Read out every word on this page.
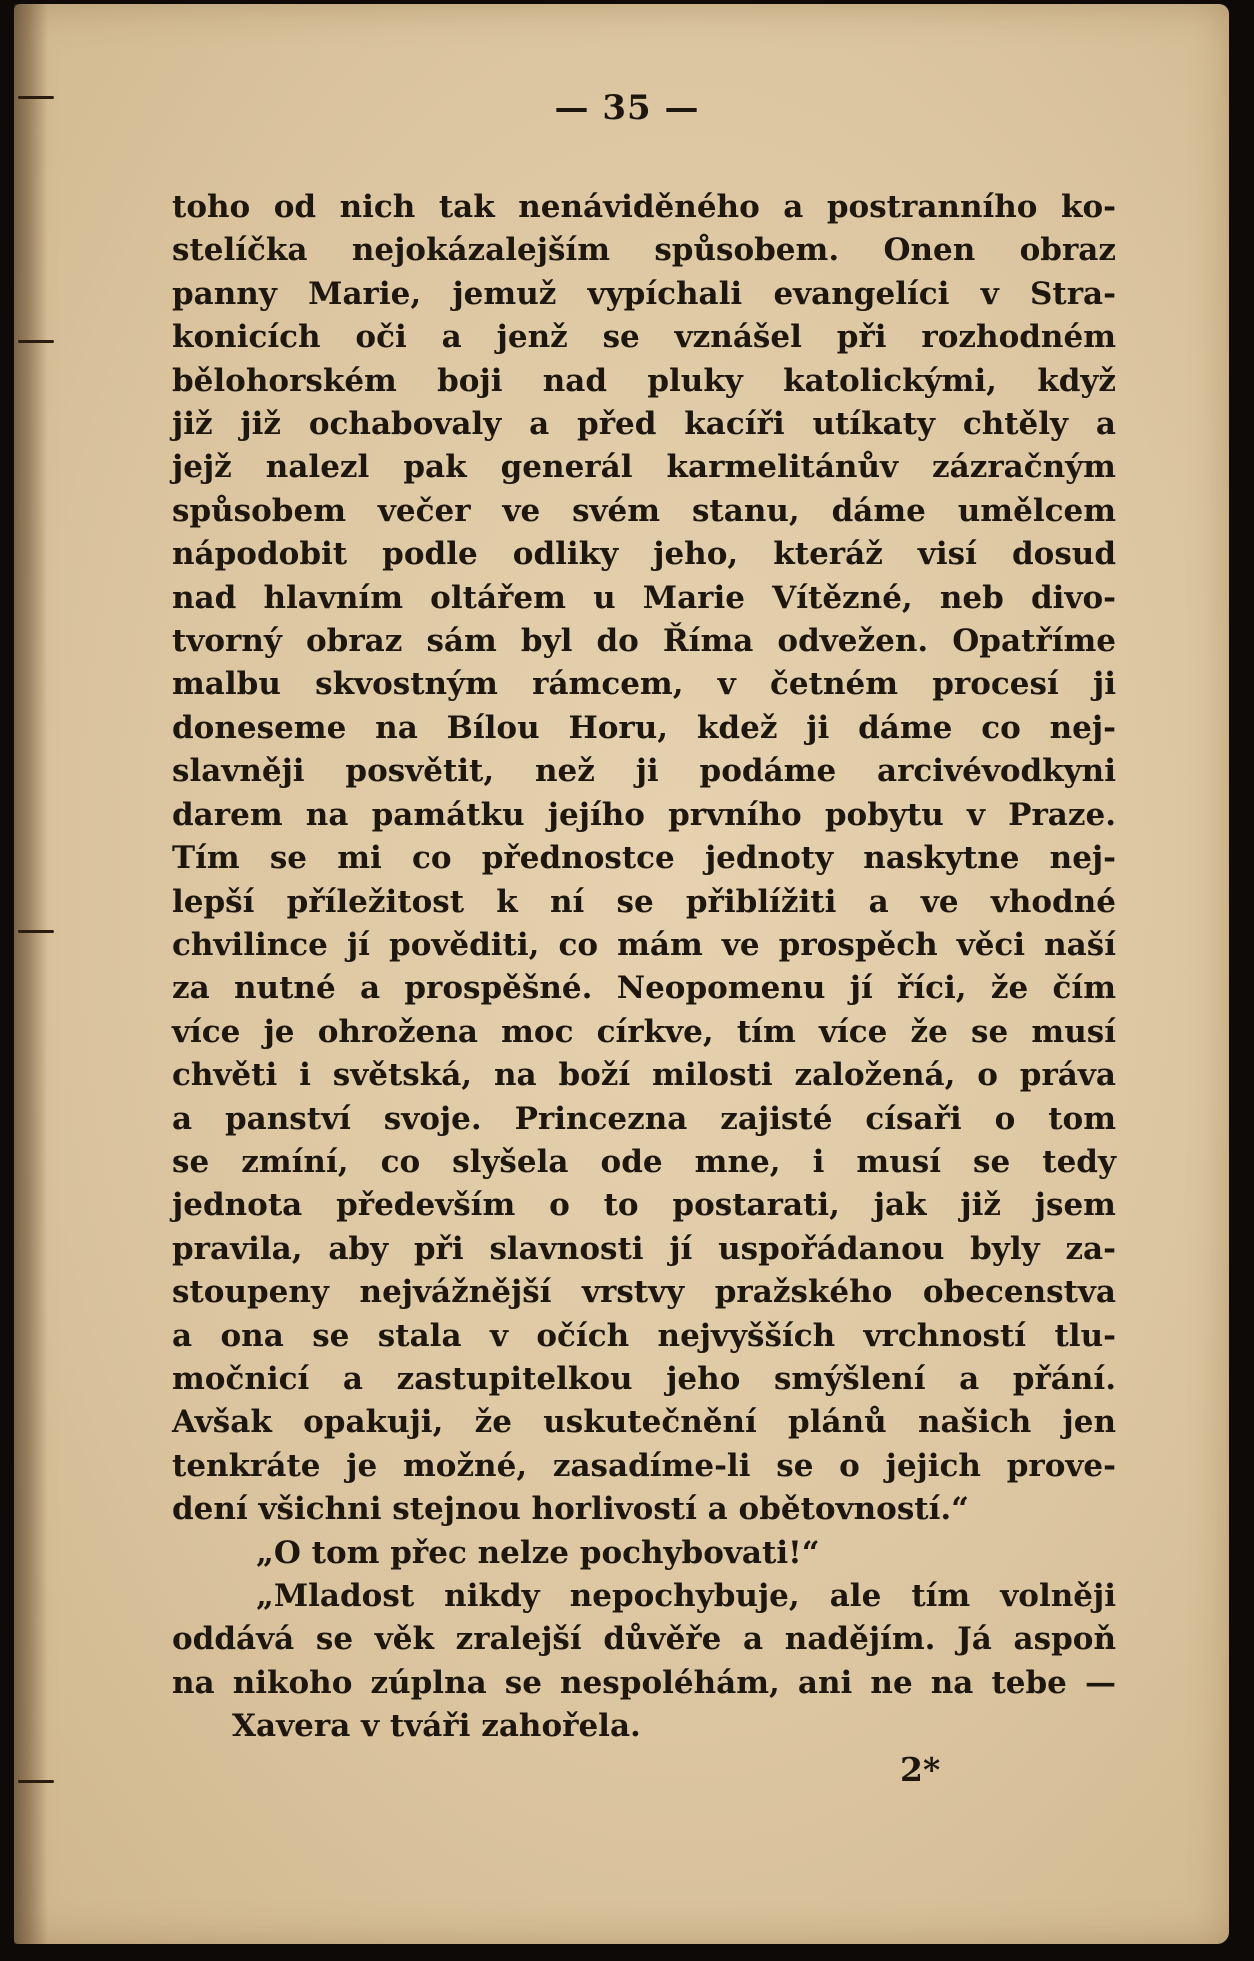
— 35 —
toho od nich tak nenáviděného a postranního ko-
stelíčka nejokázalejším spůsobem. Onen obraz
panny Marie, jemuž vypíchali evangelíci v Stra-
konicích oči a jenž se vznášel při rozhodném
bělohorském boji nad pluky katolickými, když
již již ochabovaly a před kacíři utíkaty chtěly a
jejž nalezl pak generál karmelitánův zázračným
spůsobem večer ve svém stanu, dáme umělcem
nápodobit podle odliky jeho, kteráž visí dosud
nad hlavním oltářem u Marie Vítězné, neb divo-
tvorný obraz sám byl do Říma odvežen. Opatříme
malbu skvostným rámcem, v četném procesí ji
doneseme na Bílou Horu, kdež ji dáme co nej-
slavněji posvětit, než ji podáme arcivévodkyni
darem na památku jejího prvního pobytu v Praze.
Tím se mi co přednostce jednoty naskytne nej-
lepší příležitost k ní se přiblížiti a ve vhodné
chvilince jí pověditi, co mám ve prospěch věci naší
za nutné a prospěšné. Neopomenu jí říci, že čím
více je ohrožena moc církve, tím více že se musí
chvěti i světská, na boží milosti založená, o práva
a panství svoje. Princezna zajisté císaři o tom
se zmíní, co slyšela ode mne, i musí se tedy
jednota především o to postarati, jak již jsem
pravila, aby při slavnosti jí uspořádanou byly za-
stoupeny nejvážnější vrstvy pražského obecenstva
a ona se stala v očích nejvyšších vrchností tlu-
močnicí a zastupitelkou jeho smýšlení a přání.
Avšak opakuji, že uskutečnění plánů našich jen
tenkráte je možné, zasadíme-li se o jejich prove-
dení všichni stejnou horlivostí a obětovností.“
„O tom přec nelze pochybovati!“
„Mladost nikdy nepochybuje, ale tím volněji
oddává se věk zralejší důvěře a nadějím. Já aspoň
na nikoho zúplna se nespoléhám, ani ne na tebe —
Xavera v tváři zahořela.
2*
